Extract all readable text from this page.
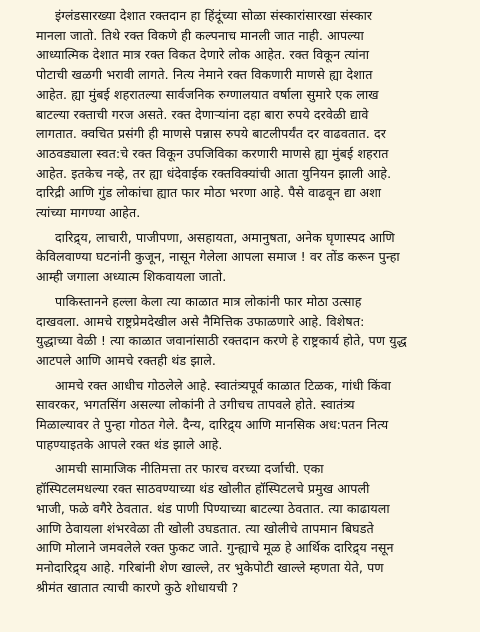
इंग्लंडसारख्या देशात रक्तदान हा हिंदूंच्या सोळा संस्कारांसारखा संस्कार
मानला जातो. तिथे रक्त विकणे ही कल्पनाच मानली जात नाही. आपल्या
आध्यात्मिक देशात मात्र रक्त विकत देणारे लोक आहेत. रक्त विकून त्यांना
पोटाची खळगी भरावी लागते. नित्य नेमाने रक्त विकणारी माणसे ह्या देशात
आहेत. ह्या मुंबई शहरातल्या सार्वजनिक रुग्णालयात वर्षाला सुमारे एक लाख
बाटल्या रक्ताची गरज असते. रक्त देणाऱ्यांना दहा बारा रुपये दरवेळी द्यावे
लागतात. क्वचित प्रसंगी ही माणसे पन्नास रुपये बाटलीपर्यंत दर वाढवतात. दर
आठवड्याला स्वत:चे रक्त विकून उपजिविका करणारी माणसे ह्या मुंबई शहरात
आहेत. इतकेच नव्हे, तर ह्या धंदेवाईक रक्तविक्यांची आता युनियन झाली आहे.
दारिद्री आणि गुंड लोकांचा ह्यात फार मोठा भरणा आहे. पैसे वाढवून द्या अशा
त्यांच्या मागण्या आहेत.
दारिद्र्य, लाचारी, पाजीपणा, असहायता, अमानुषता, अनेक घृणास्पद आणि
केविलवाण्या घटनांनी कुजून, नासून गेलेला आपला समाज ! वर तोंड करून पुन्हा
आम्ही जगाला अध्यात्म शिकवायला जातो.
पाकिस्तानने हल्ला केला त्या काळात मात्र लोकांनी फार मोठा उत्साह
दाखवला. आमचे राष्ट्रप्रेमदेखील असे नैमित्तिक उफाळणारे आहे. विशेषत:
युद्धाच्या वेळी ! त्या काळात जवानांसाठी रक्तदान करणे हे राष्ट्रकार्य होते, पण युद्ध
आटपले आणि आमचे रक्तही थंड झाले.
आमचे रक्त आधीच गोठलेले आहे. स्वातंत्र्यपूर्व काळात टिळक, गांधी किंवा
सावरकर, भगतसिंग असल्या लोकांनी ते उगीचच तापवले होते. स्वातंत्र्य
मिळाल्यावर ते पुन्हा गोठत गेले. दैन्य, दारिद्र्य आणि मानसिक अध:पतन नित्य
पाहण्याइतके आपले रक्त थंड झाले आहे.
आमची सामाजिक नीतिमत्ता तर फारच वरच्या दर्जाची. एका
हॉस्पिटलमधल्या रक्त साठवण्याच्या थंड खोलीत हॉस्पिटलचे प्रमुख आपली
भाजी, फळे वगैरे ठेवतात. थंड पाणी पिण्याच्या बाटल्या ठेवतात. त्या काढायला
आणि ठेवायला शंभरवेळा ती खोली उघडतात. त्या खोलीचे तापमान बिघडते
आणि मोलाने जमवलेले रक्त फुकट जाते. गुन्ह्याचे मूळ हे आर्थिक दारिद्र्य नसून
मनोदारिद्र्य आहे. गरिबांनी शेण खाल्ले, तर भुकेपोटी खाल्ले म्हणता येते, पण
श्रीमंत खातात त्याची कारणे कुठे शोधायची ?
